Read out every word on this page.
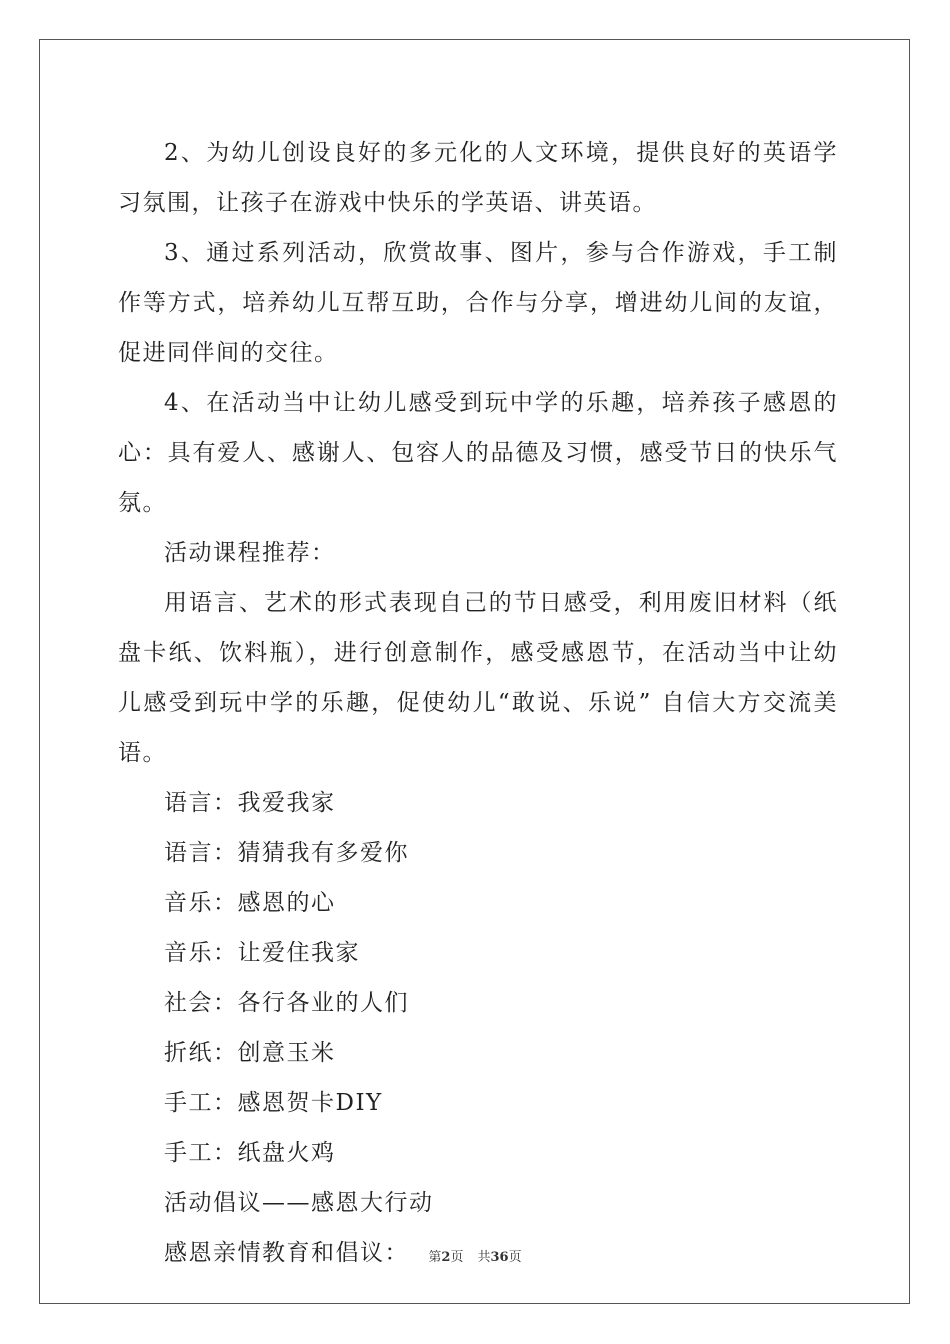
2、为幼儿创设良好的多元化的人文环境，提供良好的英语学习氛围，让孩子在游戏中快乐的学英语、讲英语。

3、通过系列活动，欣赏故事、图片，参与合作游戏，手工制作等方式，培养幼儿互帮互助，合作与分享，增进幼儿间的友谊，促进同伴间的交往。

4、在活动当中让幼儿感受到玩中学的乐趣，培养孩子感恩的心：具有爱人、感谢人、包容人的品德及习惯，感受节日的快乐气氛。

活动课程推荐：

用语言、艺术的形式表现自己的节日感受，利用废旧材料（纸盘卡纸、饮料瓶），进行创意制作，感受感恩节，在活动当中让幼儿感受到玩中学的乐趣，促使幼儿“敢说、乐说” 自信大方交流美语。

语言：我爱我家

语言：猜猜我有多爱你

音乐：感恩的心

音乐：让爱住我家

社会：各行各业的人们

折纸：创意玉米

手工：感恩贺卡DIY

手工：纸盘火鸡

活动倡议——感恩大行动

感恩亲情教育和倡议：	第2页 共36页
